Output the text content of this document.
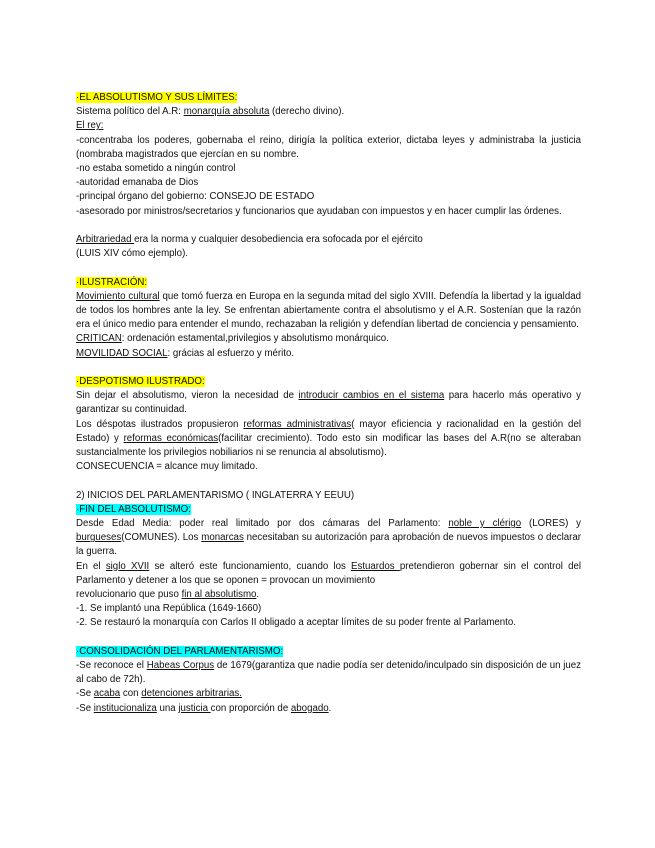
·EL ABSOLUTISMO Y SUS LÍMITES:

Sistema político del A.R: monarquía absoluta (derecho divino).

El rey:

-concentraba los poderes, gobernaba el reino, dirigía la política exterior, dictaba leyes y administraba la justicia (nombraba magistrados que ejercían en su nombre.

-no estaba sometido a ningún control

-autoridad emanaba de Dios

-principal órgano del gobierno: CONSEJO DE ESTADO

-asesorado por ministros/secretarios y funcionarios que ayudaban con impuestos y en hacer cumplir las órdenes.

Arbitrariedad era la norma y cualquier desobediencia era sofocada por el ejército

(LUIS XIV cómo ejemplo).

·ILUSTRACIÓN:

Movimiento cultural que tomó fuerza en Europa en la segunda mitad del siglo XVIII. Defendía la libertad y la igualdad de todos los hombres ante la ley. Se enfrentan abiertamente contra el absolutismo y el A.R. Sostenían que la razón era el único medio para entender el mundo, rechazaban la religión y defendían libertad de conciencia y pensamiento.

CRITICAN: ordenación estamental,privilegios y absolutismo monárquico.

MOVILIDAD SOCIAL: grácias al esfuerzo y mérito.

·DESPOTISMO ILUSTRADO:

Sin dejar el absolutismo, vieron la necesidad de introducir cambios en el sistema para hacerlo más operativo y garantizar su continuidad.

Los déspotas ilustrados propusieron reformas administrativas( mayor eficiencia y racionalidad en la gestión del Estado) y reformas económicas(facilitar crecimiento). Todo esto sin modificar las bases del A.R(no se alteraban sustancialmente los privilegios nobiliarios ni se renuncia al absolutismo).

CONSECUENCIA = alcance muy limitado.

2) INICIOS DEL PARLAMENTARISMO ( INGLATERRA Y EEUU)

·FIN DEL ABSOLUTISMO:

Desde Edad Media: poder real limitado por dos cámaras del Parlamento: noble y clérigo (LORES) y burgueses(COMUNES). Los monarcas necesitaban su autorización para aprobación de nuevos impuestos o declarar la guerra.

En el siglo XVII se alteró este funcionamiento, cuando los Estuardos pretendieron gobernar sin el control del Parlamento y detener a los que se oponen = provocan un movimiento

revolucionario que puso fin al absolutismo.

-1. Se implantó una República (1649-1660)

-2. Se restauró la monarquía con Carlos II obligado a aceptar límites de su poder frente al Parlamento.

·CONSOLIDACIÓN DEL PARLAMENTARISMO:

-Se reconoce el Habeas Corpus de 1679(garantiza que nadie podía ser detenido/inculpado sin disposición de un juez al cabo de 72h).

-Se acaba con detenciones arbitrarias.

-Se institucionaliza una justicia con proporción de abogado.
